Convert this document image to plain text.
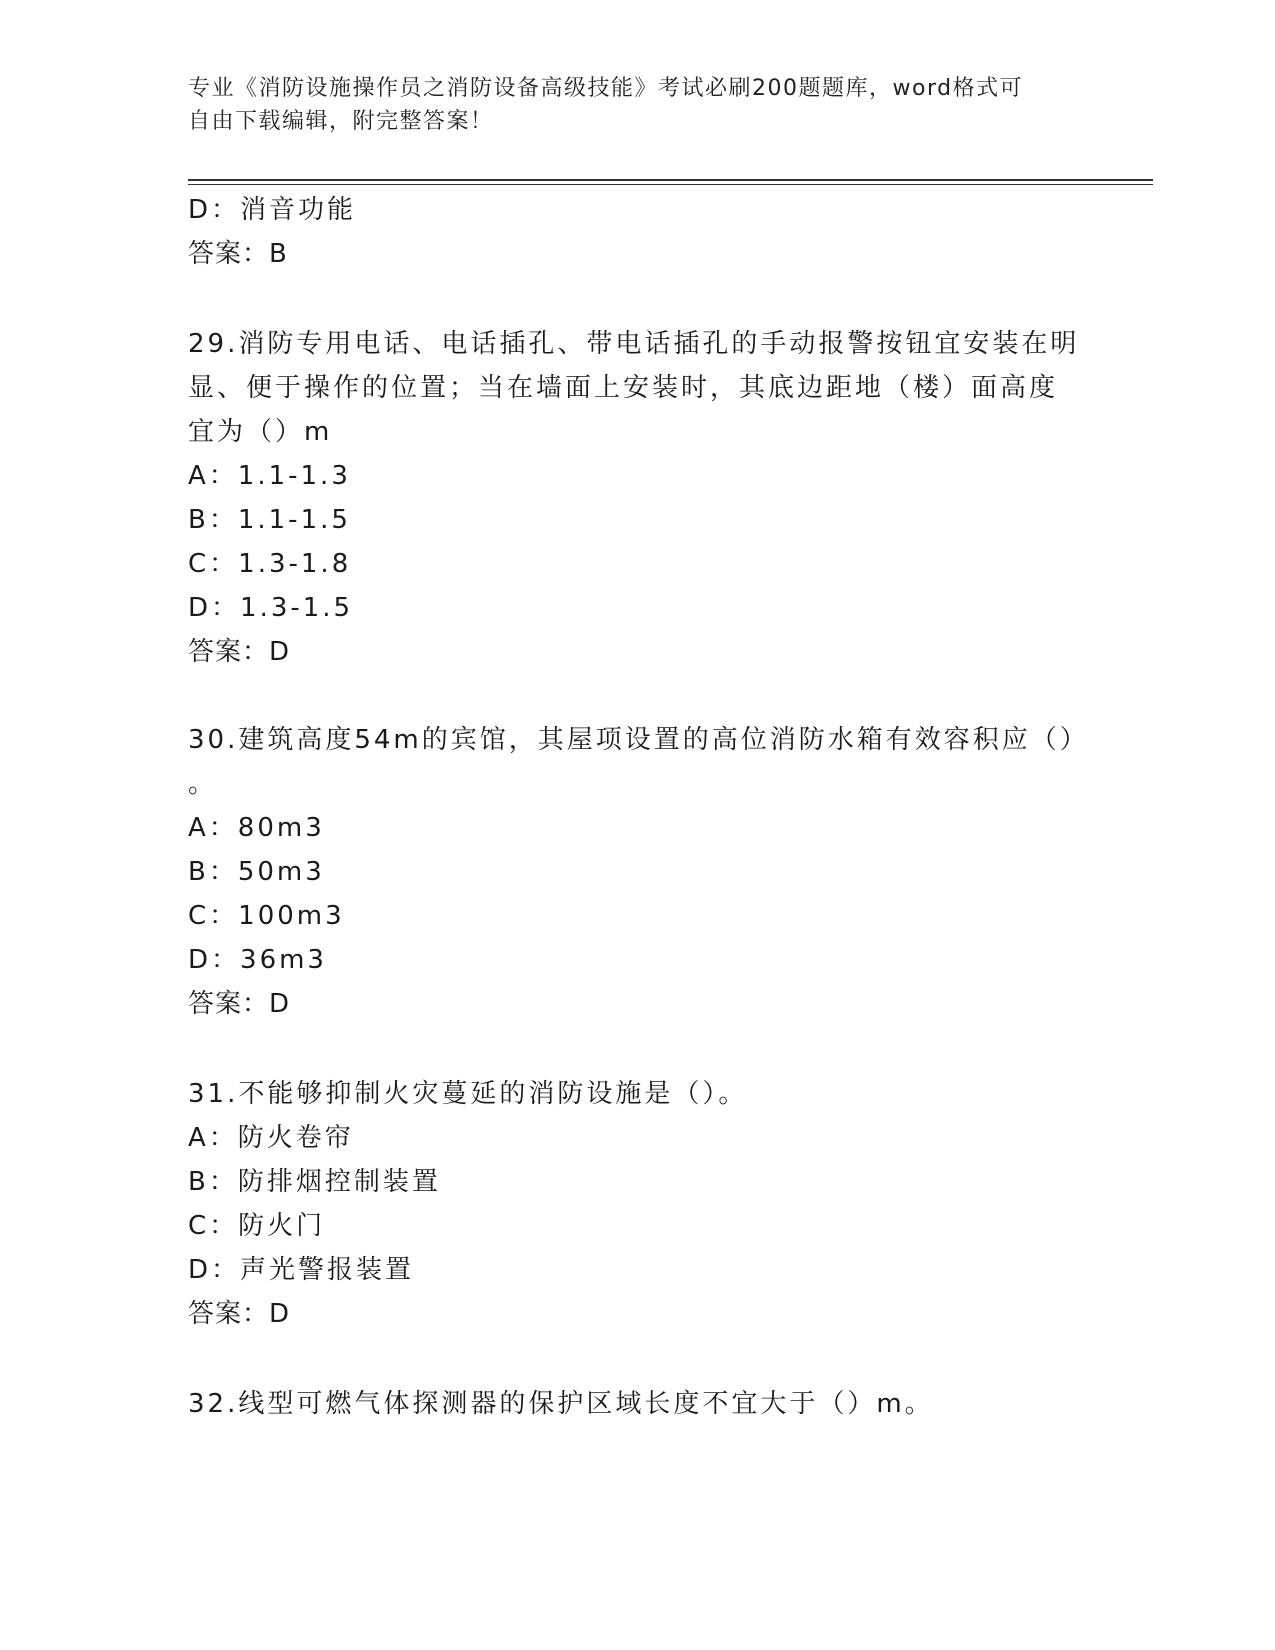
专业《消防设施操作员之消防设备高级技能》考试必刷200题题库，word格式可
自由下载编辑，附完整答案！
D：消音功能
答案：B
29.消防专用电话、电话插孔、带电话插孔的手动报警按钮宜安装在明
显、便于操作的位置；当在墙面上安装时，其底边距地（楼）面高度
宜为（）m
A：1.1-1.3
B：1.1-1.5
C：1.3-1.8
D：1.3-1.5
答案：D
30.建筑高度54m的宾馆，其屋项设置的高位消防水箱有效容积应（）
。
A：80m3
B：50m3
C：100m3
D：36m3
答案：D
31.不能够抑制火灾蔓延的消防设施是（）。
A：防火卷帘
B：防排烟控制装置
C：防火门
D：声光警报装置
答案：D
32.线型可燃气体探测器的保护区域长度不宜大于（）m。
